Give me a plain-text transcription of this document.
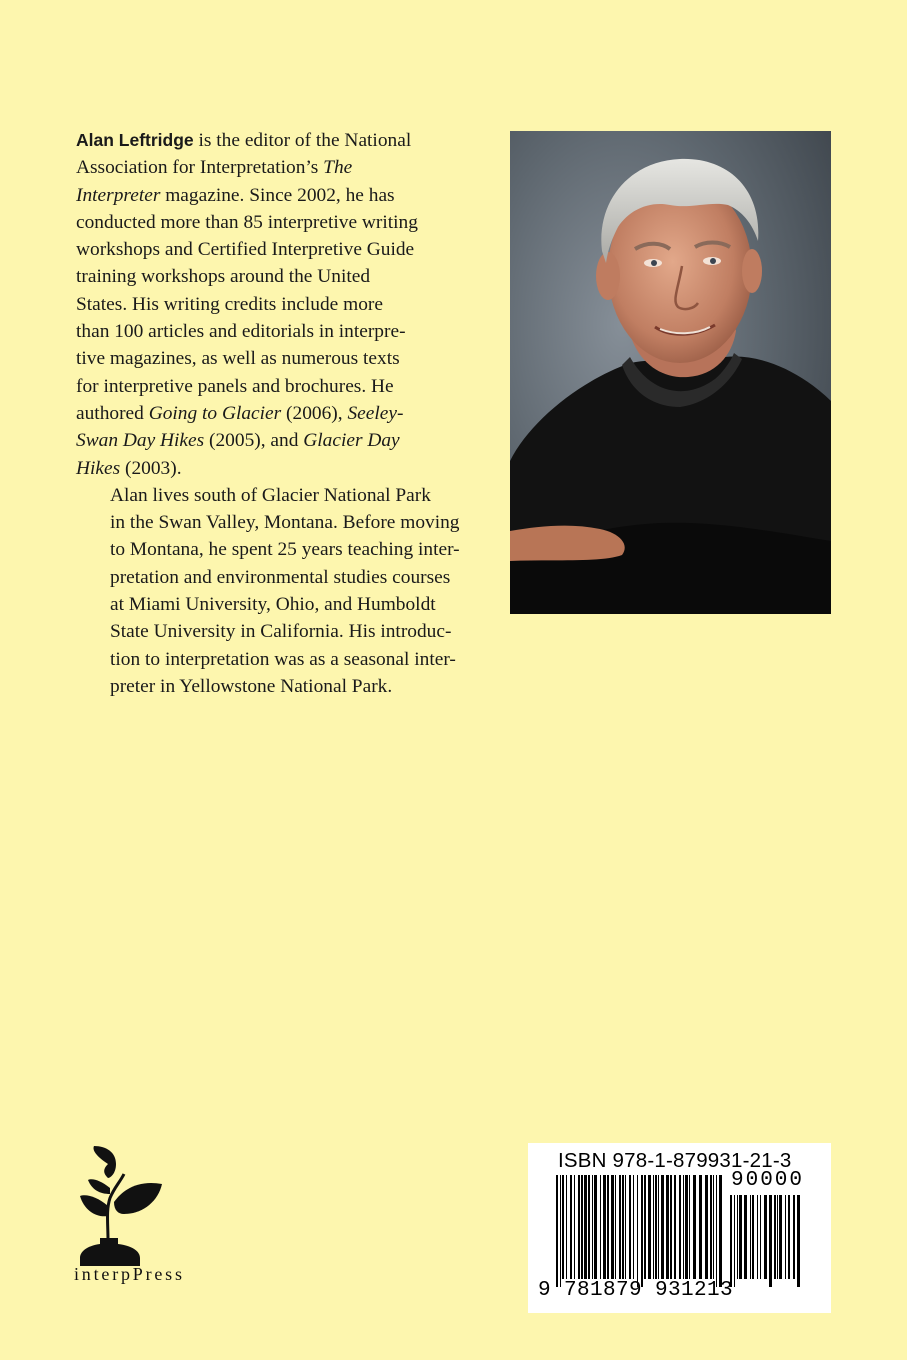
Alan Leftridge is the editor of the National
Association for Interpretation’s The
Interpreter magazine. Since 2002, he has
conducted more than 85 interpretive writing
workshops and Certified Interpretive Guide
training workshops around the United
States. His writing credits include more
than 100 articles and editorials in interpre-
tive magazines, as well as numerous texts
for interpretive panels and brochures. He
authored Going to Glacier (2006), Seeley-
Swan Day Hikes (2005), and Glacier Day
Hikes (2003).

Alan lives south of Glacier National Park
in the Swan Valley, Montana. Before moving
to Montana, he spent 25 years teaching inter-
pretation and environmental studies courses
at Miami University, Ohio, and Humboldt
State University in California. His introduc-
tion to interpretation was as a seasonal inter-
preter in Yellowstone National Park.

interpPress
ISBN 978-1-879931-21-3
90000
9 781879 931213
